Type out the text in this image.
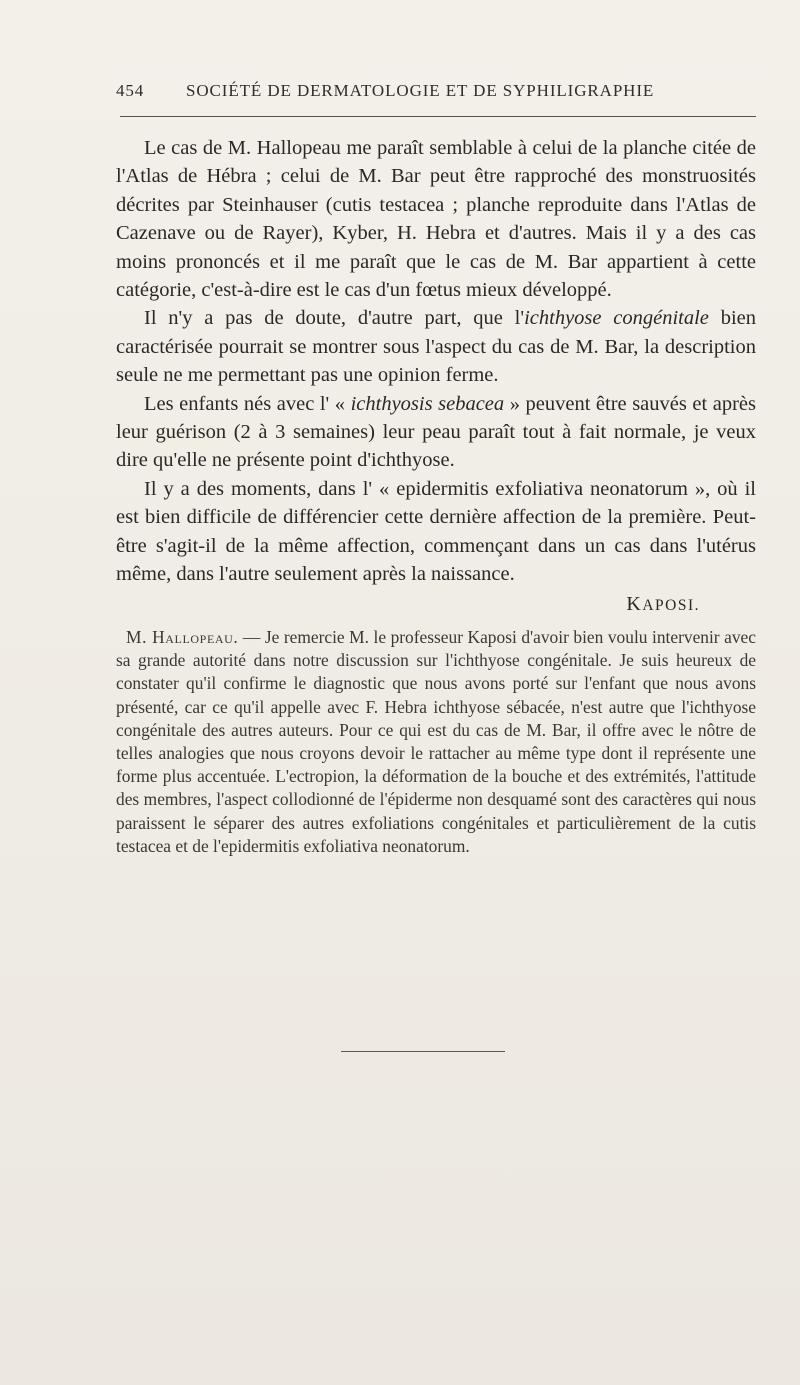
454 SOCIÉTÉ DE DERMATOLOGIE ET DE SYPHILIGRAPHIE

Le cas de M. Hallopeau me paraît semblable à celui de la planche citée de l'Atlas de Hébra ; celui de M. Bar peut être rapproché des monstruosités décrites par Steinhauser (cutis testacea ; planche reproduite dans l'Atlas de Cazenave ou de Rayer), Kyber, H. Hebra et d'autres. Mais il y a des cas moins prononcés et il me paraît que le cas de M. Bar appartient à cette catégorie, c'est-à-dire est le cas d'un fœtus mieux développé.

Il n'y a pas de doute, d'autre part, que l'ichthyose congénitale bien caractérisée pourrait se montrer sous l'aspect du cas de M. Bar, la description seule ne me permettant pas une opinion ferme.

Les enfants nés avec l' « ichthyosis sebacea » peuvent être sauvés et après leur guérison (2 à 3 semaines) leur peau paraît tout à fait normale, je veux dire qu'elle ne présente point d'ichthyose.

Il y a des moments, dans l' « epidermitis exfoliativa neonatorum », où il est bien difficile de différencier cette dernière affection de la première. Peut-être s'agit-il de la même affection, commençant dans un cas dans l'utérus même, dans l'autre seulement après la naissance.

KAPOSI.

M. Hallopeau. — Je remercie M. le professeur Kaposi d'avoir bien voulu intervenir avec sa grande autorité dans notre discussion sur l'ichthyose congénitale. Je suis heureux de constater qu'il confirme le diagnostic que nous avons porté sur l'enfant que nous avons présenté, car ce qu'il appelle avec F. Hebra ichthyose sébacée, n'est autre que l'ichthyose congénitale des autres auteurs. Pour ce qui est du cas de M. Bar, il offre avec le nôtre de telles analogies que nous croyons devoir le rattacher au même type dont il représente une forme plus accentuée. L'ectropion, la déformation de la bouche et des extrémités, l'attitude des membres, l'aspect collodionné de l'épiderme non desquamé sont des caractères qui nous paraissent le séparer des autres exfoliations congénitales et particulièrement de la cutis testacea et de l'epidermitis exfoliativa neonatorum.
